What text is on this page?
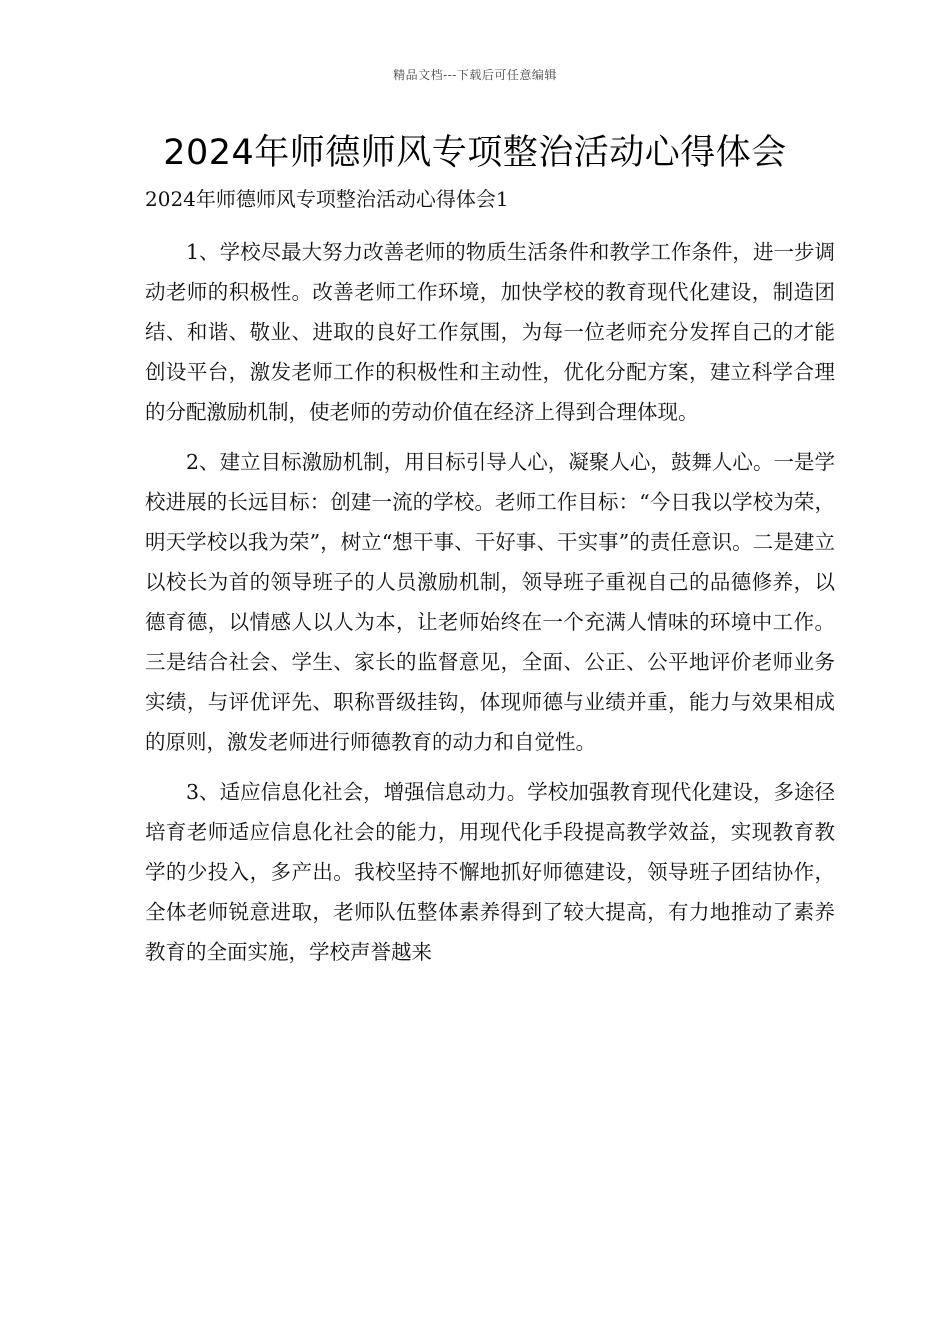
精品文档---下载后可任意编辑
2024年师德师风专项整治活动心得体会
2024年师德师风专项整治活动心得体会1

1、学校尽最大努力改善老师的物质生活条件和教学工作条件，进一步调动老师的积极性。改善老师工作环境，加快学校的教育现代化建设，制造团结、和谐、敬业、进取的良好工作氛围，为每一位老师充分发挥自己的才能创设平台，激发老师工作的积极性和主动性，优化分配方案，建立科学合理的分配激励机制，使老师的劳动价值在经济上得到合理体现。

2、建立目标激励机制，用目标引导人心，凝聚人心，鼓舞人心。一是学校进展的长远目标：创建一流的学校。老师工作目标：“今日我以学校为荣，明天学校以我为荣”，树立“想干事、干好事、干实事”的责任意识。二是建立以校长为首的领导班子的人员激励机制，领导班子重视自己的品德修养，以德育德，以情感人以人为本，让老师始终在一个充满人情味的环境中工作。三是结合社会、学生、家长的监督意见，全面、公正、公平地评价老师业务实绩，与评优评先、职称晋级挂钩，体现师德与业绩并重，能力与效果相成的原则，激发老师进行师德教育的动力和自觉性。

3、适应信息化社会，增强信息动力。学校加强教育现代化建设，多途径培育老师适应信息化社会的能力，用现代化手段提高教学效益，实现教育教学的少投入，多产出。我校坚持不懈地抓好师德建设，领导班子团结协作，全体老师锐意进取，老师队伍整体素养得到了较大提高，有力地推动了素养教育的全面实施，学校声誉越来
